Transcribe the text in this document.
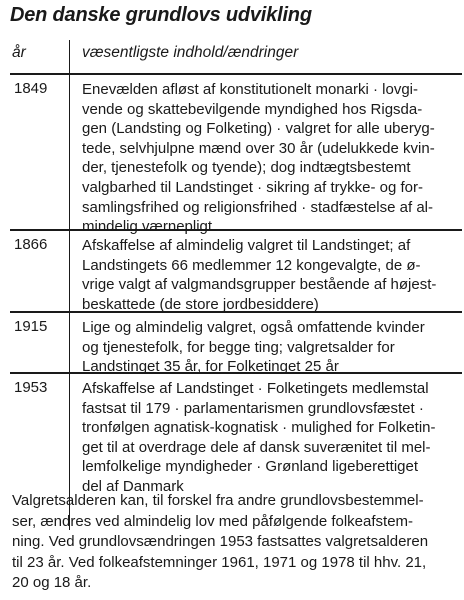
Den danske grundlovs udvikling
år	væsentligste indhold/ændringer
1849 Enevælden afløst af konstitutionelt monarki · lovgi-
vende og skattebevilgende myndighed hos Rigsda-
gen (Landsting og Folketing) · valgret for alle uberyg-
tede, selvhjulpne mænd over 30 år (udelukkede kvin-
der, tjenestefolk og tyende); dog indtægtsbestemt
valgbarhed til Landstinget · sikring af trykke- og for-
samlingsfrihed og religionsfrihed · stadfæstelse af al-
mindelig værnepligt
1866 Afskaffelse af almindelig valgret til Landstinget; af
Landstingets 66 medlemmer 12 kongevalgte, de ø-
vrige valgt af valgmandsgrupper bestående af højest-
beskattede (de store jordbesiddere)
1915 Lige og almindelig valgret, også omfattende kvinder
og tjenestefolk, for begge ting; valgretsalder for
Landstinget 35 år, for Folketinget 25 år
1953 Afskaffelse af Landstinget · Folketingets medlemstal
fastsat til 179 · parlamentarismen grundlovsfæstet ·
tronfølgen agnatisk-kognatisk · mulighed for Folketin-
get til at overdrage dele af dansk suverænitet til mel-
lemfolkelige myndigheder · Grønland ligeberettiget
del af Danmark
Valgretsalderen kan, til forskel fra andre grundlovsbestemmel-
ser, ændres ved almindelig lov med påfølgende folkeafstem-
ning. Ved grundlovsændringen 1953 fastsattes valgretsalderen
til 23 år. Ved folkeafstemninger 1961, 1971 og 1978 til hhv. 21,
20 og 18 år.
